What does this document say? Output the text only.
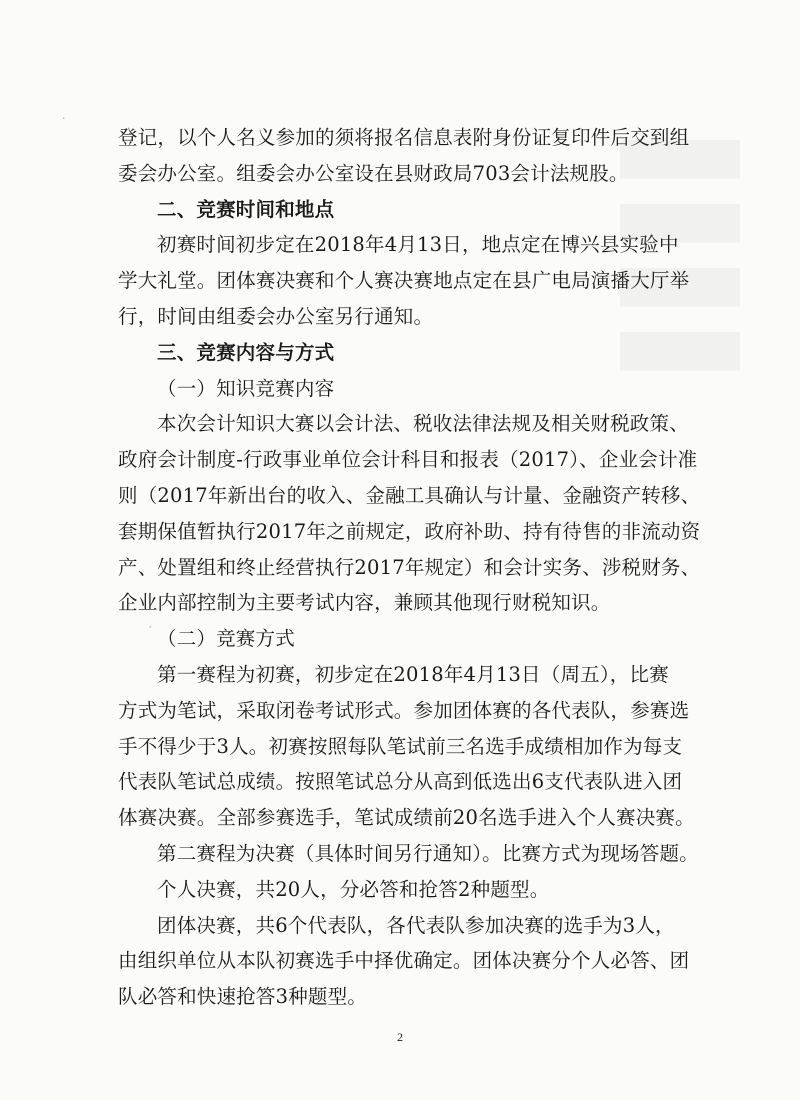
·
ˊ
登记，以个人名义参加的须将报名信息表附身份证复印件后交到组
委会办公室。组委会办公室设在县财政局703会计法规股。
二、竞赛时间和地点
初赛时间初步定在2018年4月13日，地点定在博兴县实验中
学大礼堂。团体赛决赛和个人赛决赛地点定在县广电局演播大厅举
行，时间由组委会办公室另行通知。
三、竞赛内容与方式
（一）知识竞赛内容
本次会计知识大赛以会计法、税收法律法规及相关财税政策、
政府会计制度-行政事业单位会计科目和报表（2017）、企业会计准
则（2017年新出台的收入、金融工具确认与计量、金融资产转移、
套期保值暂执行2017年之前规定，政府补助、持有待售的非流动资
产、处置组和终止经营执行2017年规定）和会计实务、涉税财务、
企业内部控制为主要考试内容，兼顾其他现行财税知识。
（二）竞赛方式
第一赛程为初赛，初步定在2018年4月13日（周五），比赛
方式为笔试，采取闭卷考试形式。参加团体赛的各代表队，参赛选
手不得少于3人。初赛按照每队笔试前三名选手成绩相加作为每支
代表队笔试总成绩。按照笔试总分从高到低选出6支代表队进入团
体赛决赛。全部参赛选手，笔试成绩前20名选手进入个人赛决赛。
第二赛程为决赛（具体时间另行通知）。比赛方式为现场答题。
个人决赛，共20人，分必答和抢答2种题型。
团体决赛，共6个代表队，各代表队参加决赛的选手为3人，
由组织单位从本队初赛选手中择优确定。团体决赛分个人必答、团
队必答和快速抢答3种题型。
2
